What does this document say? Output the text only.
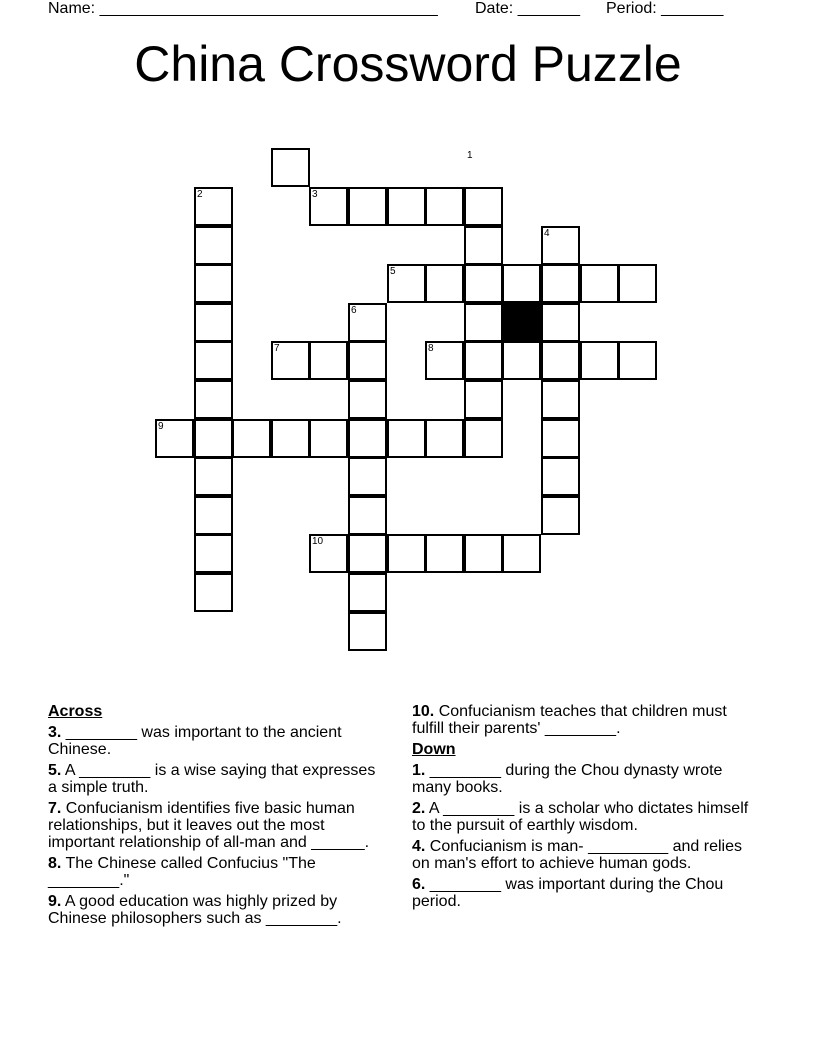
Name: ______________________________________ Date: _______ Period: _______
China Crossword Puzzle
1
2	3
4
5
6
7	8
9
10
Across
3. ________ was important to the ancient Chinese.
5. A ________ is a wise saying that expresses a simple truth.
7. Confucianism identifies five basic human relationships, but it leaves out the most important relationship of all-man and ______.
8. The Chinese called Confucius "The ________."
9. A good education was highly prized by Chinese philosophers such as ________.
10. Confucianism teaches that children must fulfill their parents' ________.
Down
1. ________ during the Chou dynasty wrote many books.
2. A ________ is a scholar who dictates himself to the pursuit of earthly wisdom.
4. Confucianism is man- _________ and relies on man's effort to achieve human gods.
6. ________ was important during the Chou period.
